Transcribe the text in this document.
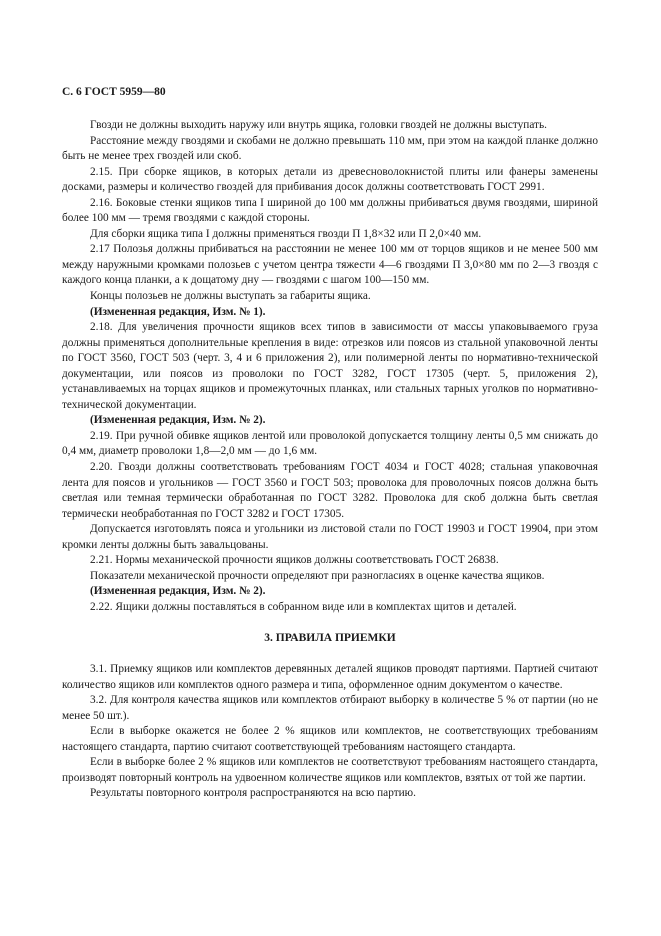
С. 6 ГОСТ 5959—80

Гвозди не должны выходить наружу или внутрь ящика, головки гвоздей не должны выступать.

Расстояние между гвоздями и скобами не должно превышать 110 мм, при этом на каждой планке должно быть не менее трех гвоздей или скоб.

2.15. При сборке ящиков, в которых детали из древесноволокнистой плиты или фанеры заменены досками, размеры и количество гвоздей для прибивания досок должны соответствовать ГОСТ 2991.

2.16. Боковые стенки ящиков типа I шириной до 100 мм должны прибиваться двумя гвоздями, шириной более 100 мм — тремя гвоздями с каждой стороны.

Для сборки ящика типа I должны применяться гвозди П 1,8×32 или П 2,0×40 мм.

2.17 Полозья должны прибиваться на расстоянии не менее 100 мм от торцов ящиков и не менее 500 мм между наружными кромками полозьев с учетом центра тяжести 4—6 гвоздями П 3,0×80 мм по 2—3 гвоздя с каждого конца планки, а к дощатому дну — гвоздями с шагом 100—150 мм.

Концы полозьев не должны выступать за габариты ящика.

(Измененная редакция, Изм. № 1).

2.18. Для увеличения прочности ящиков всех типов в зависимости от массы упаковываемого груза должны применяться дополнительные крепления в виде: отрезков или поясов из стальной упаковочной ленты по ГОСТ 3560, ГОСТ 503 (черт. 3, 4 и 6 приложения 2), или полимерной ленты по нормативно-технической документации, или поясов из проволоки по ГОСТ 3282, ГОСТ 17305 (черт. 5, приложения 2), устанавливаемых на торцах ящиков и промежуточных планках, или стальных тарных уголков по нормативно-технической документации.

(Измененная редакция, Изм. № 2).

2.19. При ручной обивке ящиков лентой или проволокой допускается толщину ленты 0,5 мм снижать до 0,4 мм, диаметр проволоки 1,8—2,0 мм — до 1,6 мм.

2.20. Гвозди должны соответствовать требованиям ГОСТ 4034 и ГОСТ 4028; стальная упаковочная лента для поясов и угольников — ГОСТ 3560 и ГОСТ 503; проволока для проволочных поясов должна быть светлая или темная термически обработанная по ГОСТ 3282. Проволока для скоб должна быть светлая термически необработанная по ГОСТ 3282 и ГОСТ 17305.

Допускается изготовлять пояса и угольники из листовой стали по ГОСТ 19903 и ГОСТ 19904, при этом кромки ленты должны быть завальцованы.

2.21. Нормы механической прочности ящиков должны соответствовать ГОСТ 26838.

Показатели механической прочности определяют при разногласиях в оценке качества ящиков.

(Измененная редакция, Изм. № 2).

2.22. Ящики должны поставляться в собранном виде или в комплектах щитов и деталей.

3. ПРАВИЛА ПРИЕМКИ

3.1. Приемку ящиков или комплектов деревянных деталей ящиков проводят партиями. Партией считают количество ящиков или комплектов одного размера и типа, оформленное одним документом о качестве.

3.2. Для контроля качества ящиков или комплектов отбирают выборку в количестве 5 % от партии (но не менее 50 шт.).

Если в выборке окажется не более 2 % ящиков или комплектов, не соответствующих требованиям настоящего стандарта, партию считают соответствующей требованиям настоящего стандарта.

Если в выборке более 2 % ящиков или комплектов не соответствуют требованиям настоящего стандарта, производят повторный контроль на удвоенном количестве ящиков или комплектов, взятых от той же партии.

Результаты повторного контроля распространяются на всю партию.
